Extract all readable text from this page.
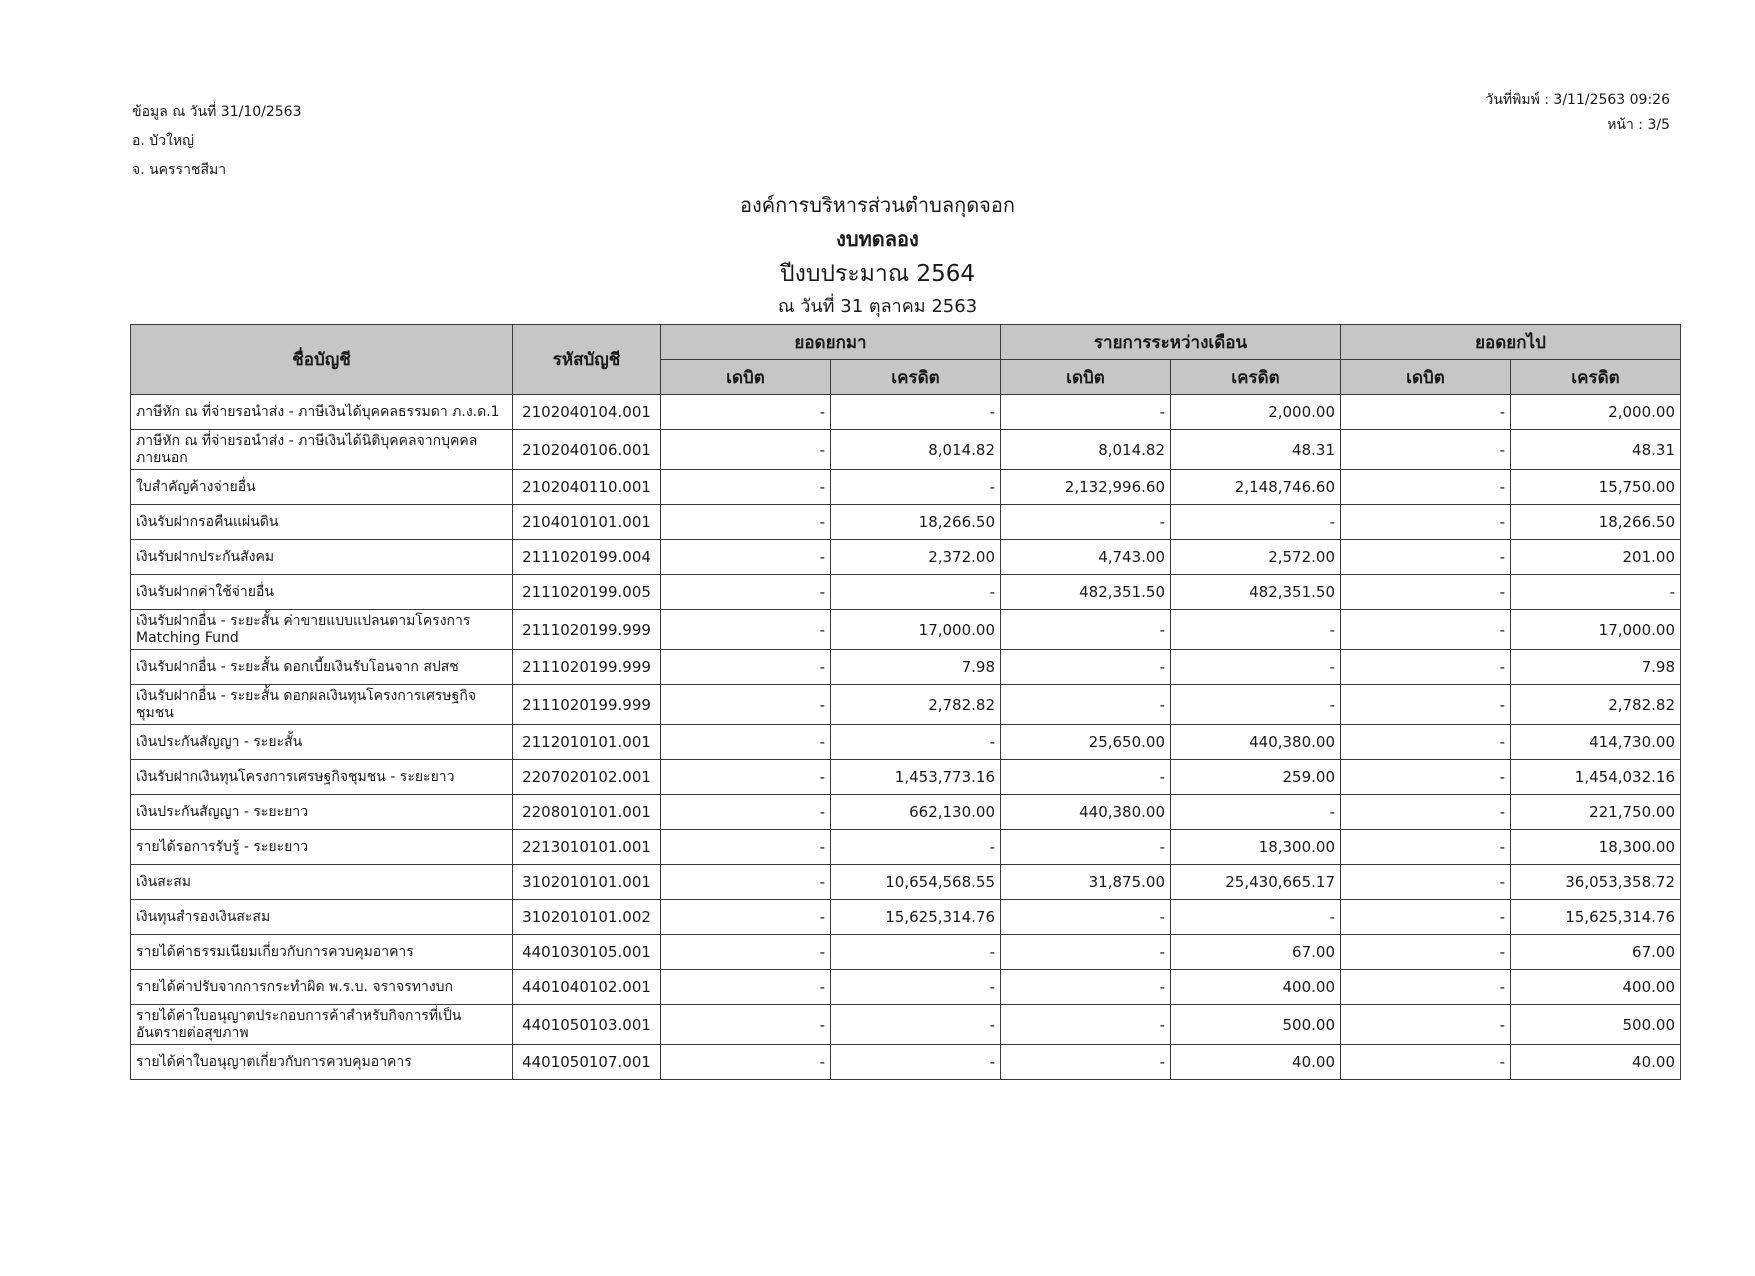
ข้อมูล ณ วันที่ 31/10/2563
อ. บัวใหญ่
จ. นครราชสีมา
วันที่พิมพ์ : 3/11/2563 09:26
หน้า : 3/5
องค์การบริหารส่วนตำบลกุดจอก
งบทดลอง
ปีงบประมาณ 2564
ณ วันที่ 31 ตุลาคม 2563
ชื่อบัญชี	รหัสบัญชี	ยอดยกมา		รายการระหว่างเดือน		ยอดยกไป	
		เดบิต	เครดิต	เดบิต	เครดิต	เดบิต	เครดิต
ภาษีหัก ณ ที่จ่ายรอนำส่ง - ภาษีเงินได้บุคคลธรรมดา ภ.ง.ด.1	2102040104.001	-	-	-	2,000.00	-	2,000.00
ภาษีหัก ณ ที่จ่ายรอนำส่ง - ภาษีเงินได้นิติบุคคลจากบุคคลภายนอก	2102040106.001	-	8,014.82	8,014.82	48.31	-	48.31
ใบสำคัญค้างจ่ายอื่น	2102040110.001	-	-	2,132,996.60	2,148,746.60	-	15,750.00
เงินรับฝากรอคืนแผ่นดิน	2104010101.001	-	18,266.50	-	-	-	18,266.50
เงินรับฝากประกันสังคม	2111020199.004	-	2,372.00	4,743.00	2,572.00	-	201.00
เงินรับฝากค่าใช้จ่ายอื่น	2111020199.005	-	-	482,351.50	482,351.50	-	-
เงินรับฝากอื่น - ระยะสั้น ค่าขายแบบแปลนตามโครงการ Matching Fund	2111020199.999	-	17,000.00	-	-	-	17,000.00
เงินรับฝากอื่น - ระยะสั้น ดอกเบี้ยเงินรับโอนจาก สปสช	2111020199.999	-	7.98	-	-	-	7.98
เงินรับฝากอื่น - ระยะสั้น ดอกผลเงินทุนโครงการเศรษฐกิจชุมชน	2111020199.999	-	2,782.82	-	-	-	2,782.82
เงินประกันสัญญา - ระยะสั้น	2112010101.001	-	-	25,650.00	440,380.00	-	414,730.00
เงินรับฝากเงินทุนโครงการเศรษฐกิจชุมชน - ระยะยาว	2207020102.001	-	1,453,773.16	-	259.00	-	1,454,032.16
เงินประกันสัญญา - ระยะยาว	2208010101.001	-	662,130.00	440,380.00	-	-	221,750.00
รายได้รอการรับรู้ - ระยะยาว	2213010101.001	-	-	-	18,300.00	-	18,300.00
เงินสะสม	3102010101.001	-	10,654,568.55	31,875.00	25,430,665.17	-	36,053,358.72
เงินทุนสำรองเงินสะสม	3102010101.002	-	15,625,314.76	-	-	-	15,625,314.76
รายได้ค่าธรรมเนียมเกี่ยวกับการควบคุมอาคาร	4401030105.001	-	-	-	67.00	-	67.00
รายได้ค่าปรับจากการกระทำผิด พ.ร.บ. จราจรทางบก	4401040102.001	-	-	-	400.00	-	400.00
รายได้ค่าใบอนุญาตประกอบการค้าสำหรับกิจการที่เป็นอันตรายต่อสุขภาพ	4401050103.001	-	-	-	500.00	-	500.00
รายได้ค่าใบอนุญาตเกี่ยวกับการควบคุมอาคาร	4401050107.001	-	-	-	40.00	-	40.00
